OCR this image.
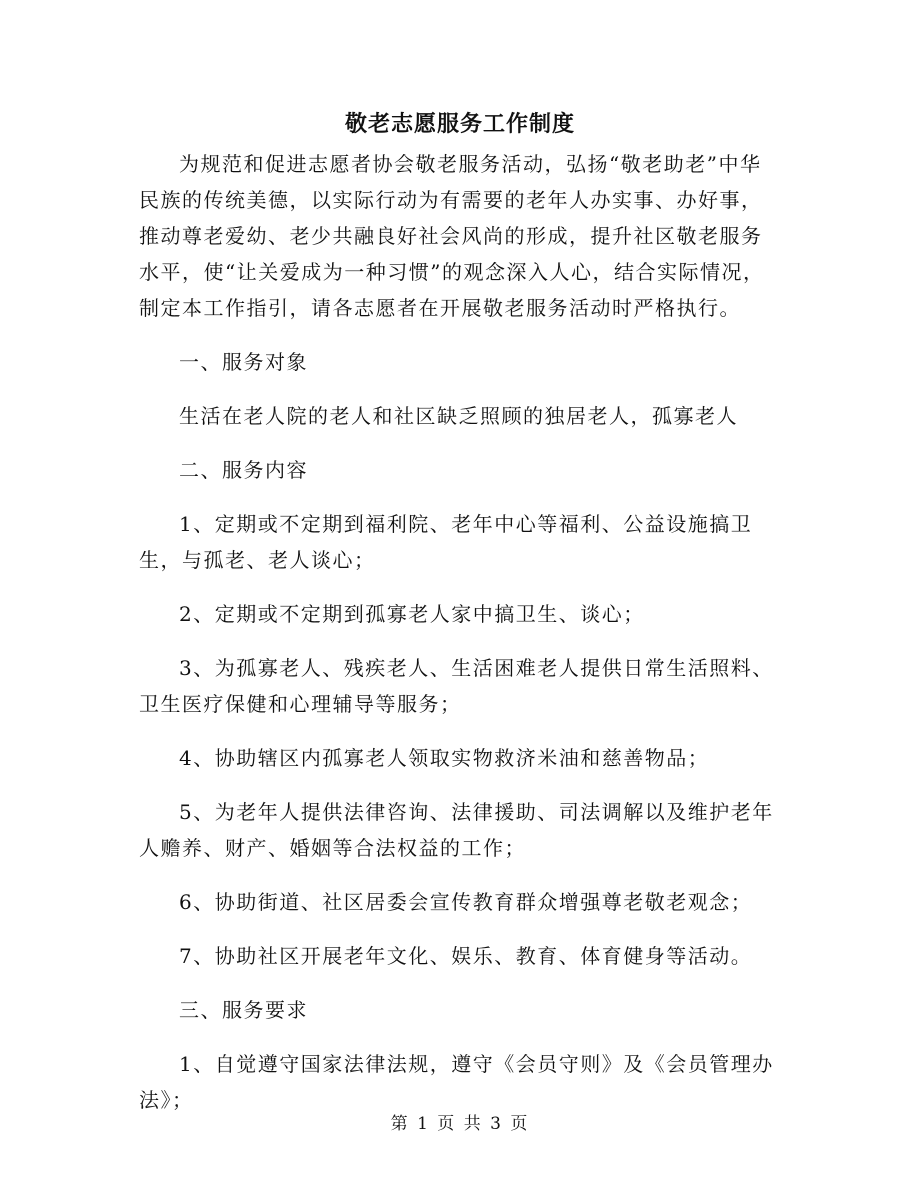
敬老志愿服务工作制度

为规范和促进志愿者协会敬老服务活动，弘扬“敬老助老”中华民族的传统美德，以实际行动为有需要的老年人办实事、办好事，推动尊老爱幼、老少共融良好社会风尚的形成，提升社区敬老服务水平，使“让关爱成为一种习惯”的观念深入人心，结合实际情况，制定本工作指引，请各志愿者在开展敬老服务活动时严格执行。

一、服务对象

生活在老人院的老人和社区缺乏照顾的独居老人，孤寡老人

二、服务内容

1、定期或不定期到福利院、老年中心等福利、公益设施搞卫生，与孤老、老人谈心；

2、定期或不定期到孤寡老人家中搞卫生、谈心；

3、为孤寡老人、残疾老人、生活困难老人提供日常生活照料、卫生医疗保健和心理辅导等服务；

4、协助辖区内孤寡老人领取实物救济米油和慈善物品；

5、为老年人提供法律咨询、法律援助、司法调解以及维护老年人赡养、财产、婚姻等合法权益的工作；

6、协助街道、社区居委会宣传教育群众增强尊老敬老观念；

7、协助社区开展老年文化、娱乐、教育、体育健身等活动。

三、服务要求

1、自觉遵守国家法律法规，遵守《会员守则》及《会员管理办法》；

第 1 页 共 3 页
